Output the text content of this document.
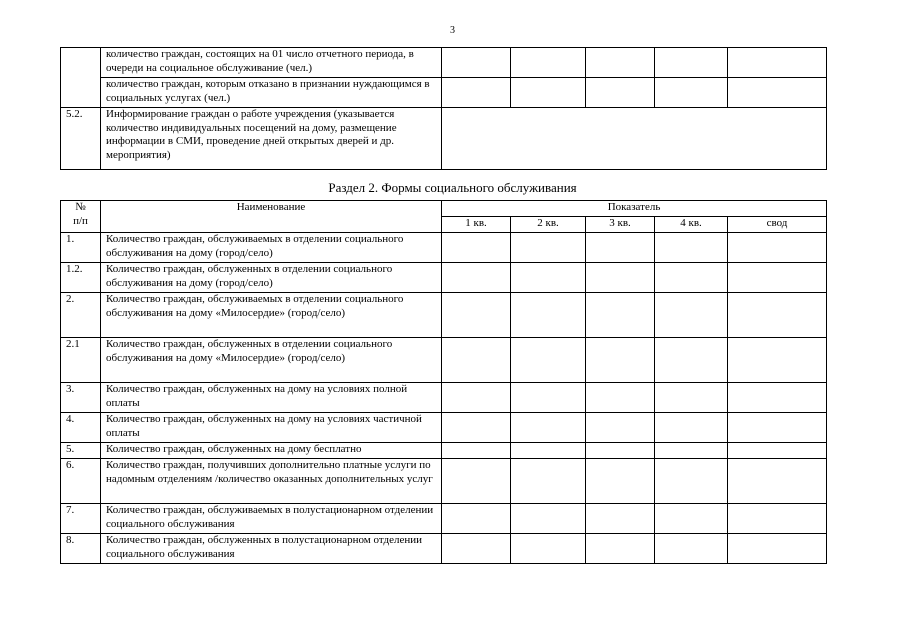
3
	количество граждан, состоящих на 01 число отчетного периода, в очереди на социальное обслуживание (чел.)					
	количество граждан, которым отказано в признании нуждающимся в социальных услугах (чел.)					
5.2.	Информирование граждан о работе учреждения (указывается количество индивидуальных посещений на дому, размещение информации в СМИ, проведение дней открытых дверей и др. мероприятия)					
Раздел 2. Формы социального обслуживания
№
п/п	Наименование	Показатель				
		1 кв.	2 кв.	3 кв.	4 кв.	свод
1.	Количество граждан, обслуживаемых в отделении социального обслуживания на дому (город/село)					
1.2.	Количество граждан, обслуженных в отделении социального обслуживания на дому (город/село)					
2.	Количество граждан, обслуживаемых в отделении социального обслуживания на дому «Милосердие» (город/село)					
2.1	Количество граждан, обслуженных в отделении социального обслуживания на дому «Милосердие» (город/село)					
3.	Количество граждан, обслуженных на дому на условиях полной оплаты					
4.	Количество граждан, обслуженных на дому на условиях частичной оплаты					
5.	Количество граждан, обслуженных на дому бесплатно					
6.	Количество граждан, получивших дополнительно платные услуги по надомным отделениям /количество оказанных дополнительных услуг					
7.	Количество граждан, обслуживаемых в полустационарном отделении социального обслуживания					
8.	Количество граждан, обслуженных в полустационарном отделении социального обслуживания					
